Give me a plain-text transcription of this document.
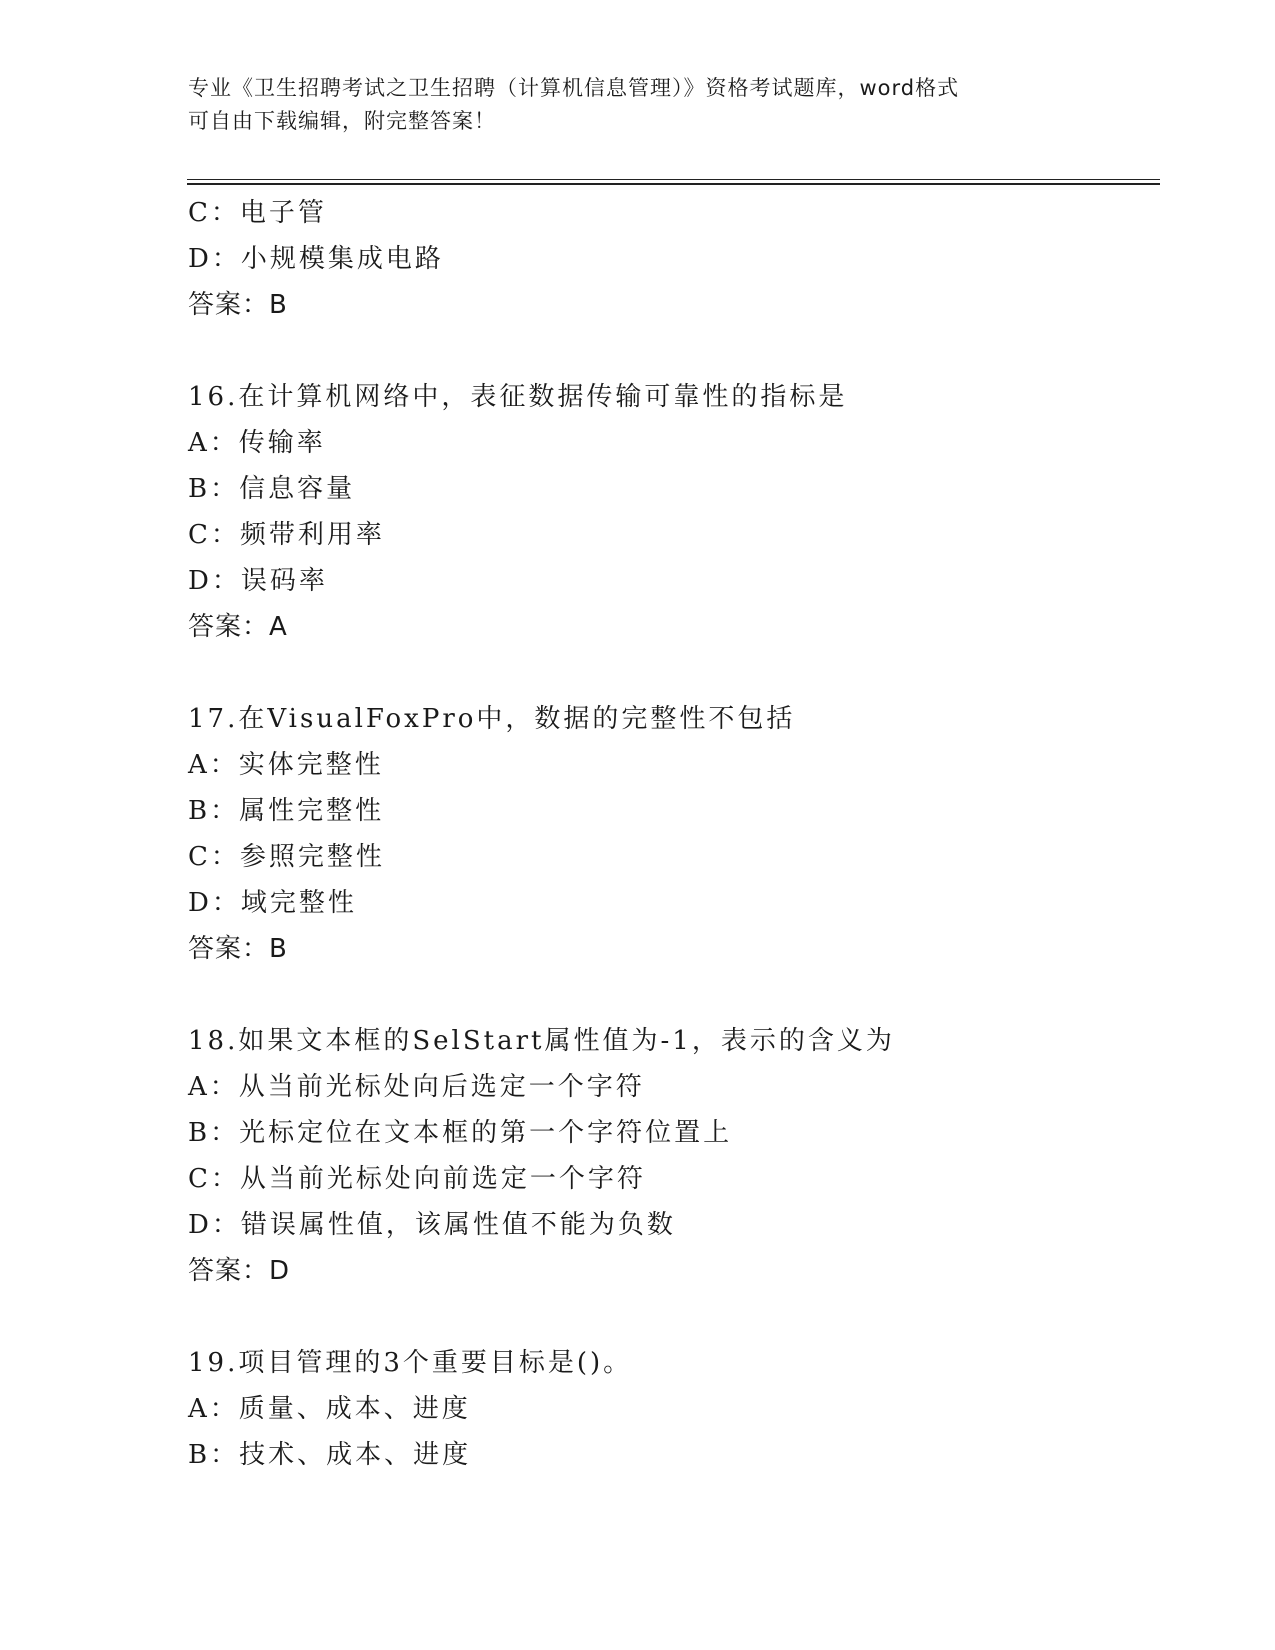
专业《卫生招聘考试之卫生招聘（计算机信息管理）》资格考试题库，word格式
可自由下载编辑，附完整答案！
C：电子管
D：小规模集成电路
答案：B
16.在计算机网络中，表征数据传输可靠性的指标是
A：传输率
B：信息容量
C：频带利用率
D：误码率
答案：A
17.在VisualFoxPro中，数据的完整性不包括
A：实体完整性
B：属性完整性
C：参照完整性
D：域完整性
答案：B
18.如果文本框的SelStart属性值为-1，表示的含义为
A：从当前光标处向后选定一个字符
B：光标定位在文本框的第一个字符位置上
C：从当前光标处向前选定一个字符
D：错误属性值，该属性值不能为负数
答案：D
19.项目管理的3个重要目标是()。
A：质量、成本、进度
B：技术、成本、进度
